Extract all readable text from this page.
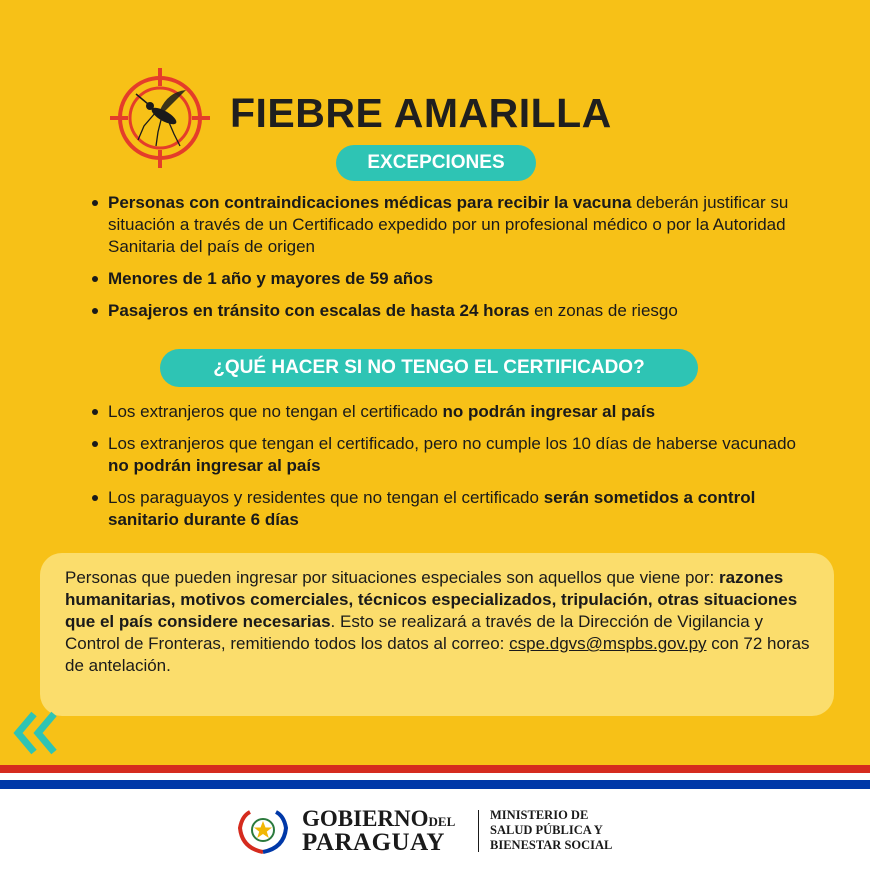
FIEBRE AMARILLA
EXCEPCIONES
Personas con contraindicaciones médicas para recibir la vacuna deberán justificar su situación a través de un Certificado expedido por un profesional médico o por la Autoridad Sanitaria del país de origen
Menores de 1 año y mayores de 59 años
Pasajeros en tránsito con escalas de hasta 24 horas en zonas de riesgo
¿QUÉ HACER SI NO TENGO EL CERTIFICADO?
Los extranjeros que no tengan el certificado no podrán ingresar al país
Los extranjeros que tengan el certificado, pero no cumple los 10 días de haberse vacunado no podrán ingresar al país
Los paraguayos y residentes que no tengan el certificado serán sometidos a control sanitario durante 6 días
Personas que pueden ingresar por situaciones especiales son aquellos que viene por: razones humanitarias, motivos comerciales, técnicos especializados, tripulación, otras situaciones que el país considere necesarias. Esto se realizará a través de la Dirección de Vigilancia y Control de Fronteras, remitiendo todos los datos al correo: cspe.dgvs@mspbs.gov.py con 72 horas de antelación.
GOBIERNODEL
PARAGUAY
MINISTERIO DE
SALUD PÚBLICA Y
BIENESTAR SOCIAL
